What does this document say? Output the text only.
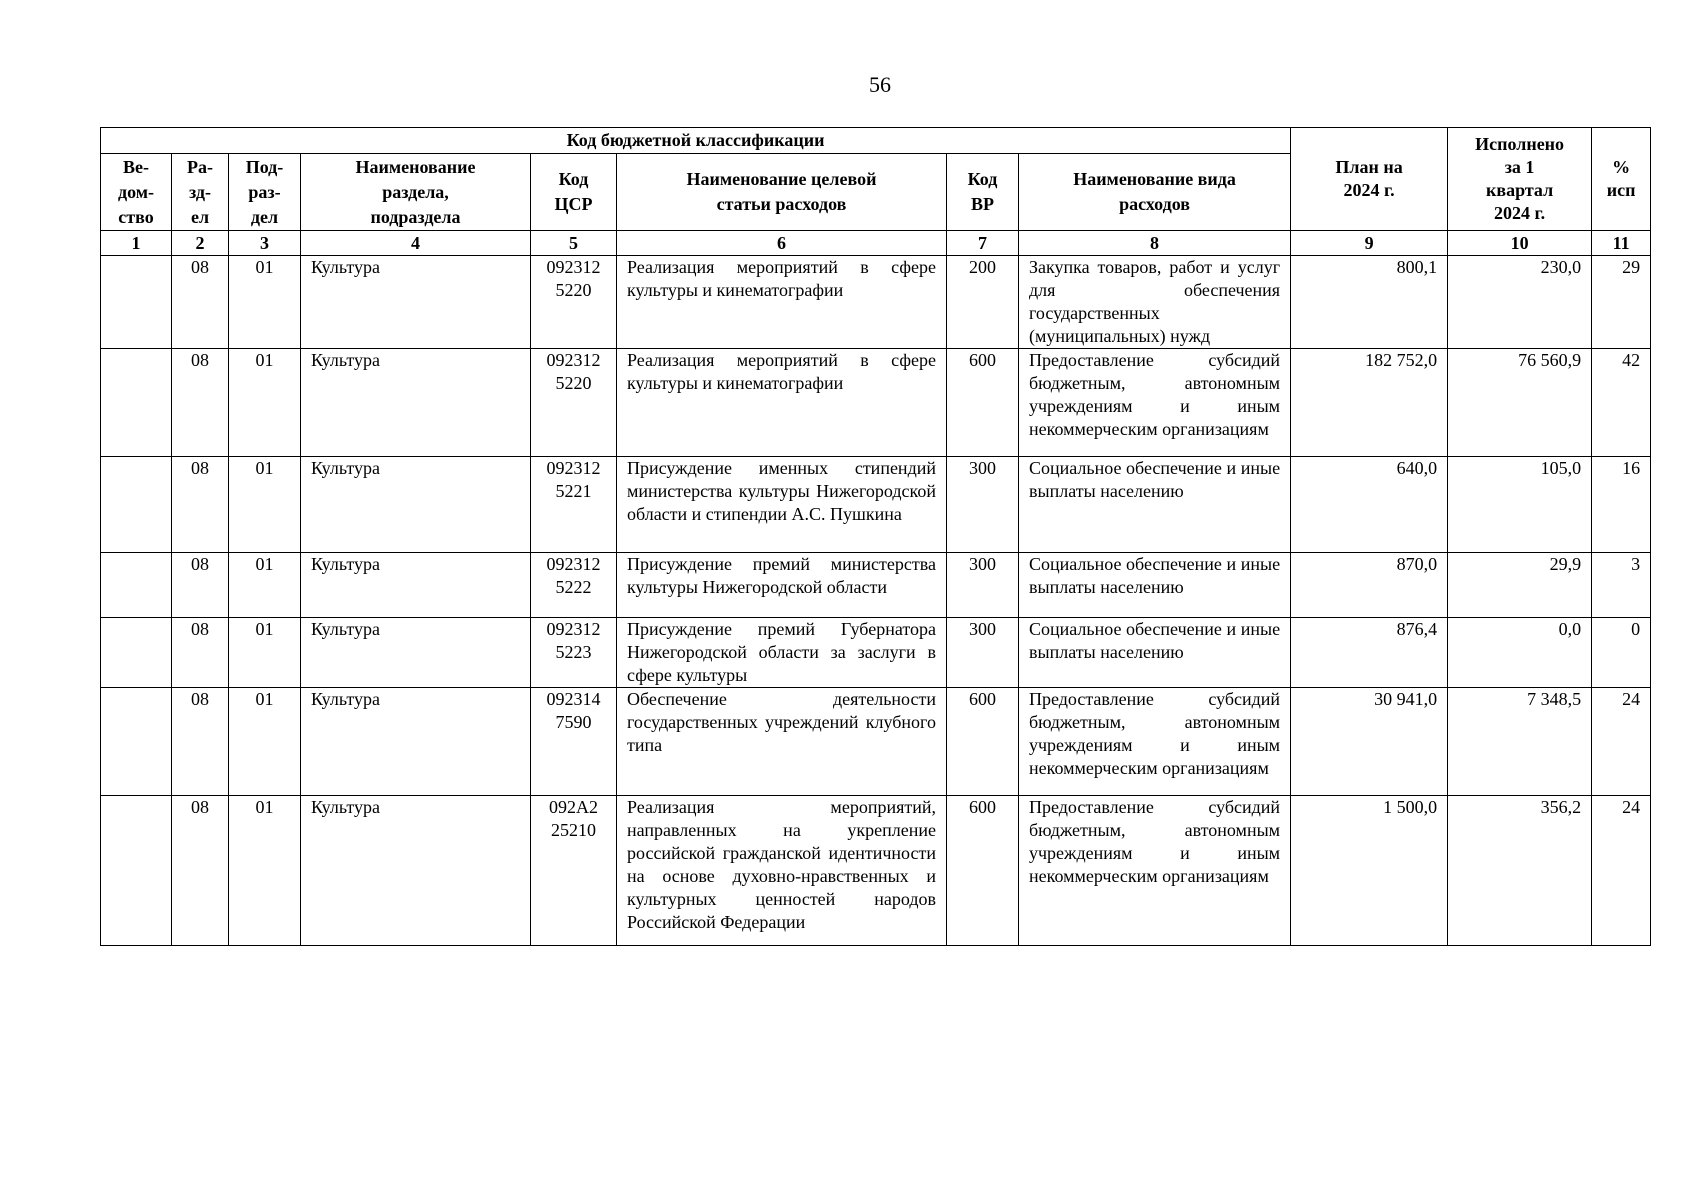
56
Код бюджетной классификации								План на
2024 г.	Исполнено
за 1
квартал
2024 г.	%
исп
Ве-
дом-
ство	Ра-
зд-
ел	Под-
раз-
дел	Наименование
раздела,
подраздела	Код
ЦСР	Наименование целевой
статьи расходов	Код
ВР	Наименование вида
расходов			
1	2	3	4	5	6	7	8	9	10	11
	08	01	Культура	092312
5220	Реализация мероприятий в сфере культуры и кинематографии	200	Закупка товаров, работ и услуг для обеспечения государственных (муниципальных) нужд	800,1	230,0	29
	08	01	Культура	092312
5220	Реализация мероприятий в сфере культуры и кинематографии	600	Предоставление субсидий бюджетным, автономным учреждениям и иным некоммерческим организациям	182 752,0	76 560,9	42
	08	01	Культура	092312
5221	Присуждение именных стипендий министерства культуры Нижегородской области и стипендии А.С. Пушкина	300	Социальное обеспечение и иные выплаты населению	640,0	105,0	16
	08	01	Культура	092312
5222	Присуждение премий министерства культуры Нижегородской области	300	Социальное обеспечение и иные выплаты населению	870,0	29,9	3
	08	01	Культура	092312
5223	Присуждение премий Губернатора Нижегородской области за заслуги в сфере культуры	300	Социальное обеспечение и иные выплаты населению	876,4	0,0	0
	08	01	Культура	092314
7590	Обеспечение деятельности государственных учреждений клубного типа	600	Предоставление субсидий бюджетным, автономным учреждениям и иным некоммерческим организациям	30 941,0	7 348,5	24
	08	01	Культура	092А2
25210	Реализация мероприятий, направленных на укрепление российской гражданской идентичности на основе духовно-нравственных и культурных ценностей народов Российской Федерации	600	Предоставление субсидий бюджетным, автономным учреждениям и иным некоммерческим организациям	1 500,0	356,2	24
